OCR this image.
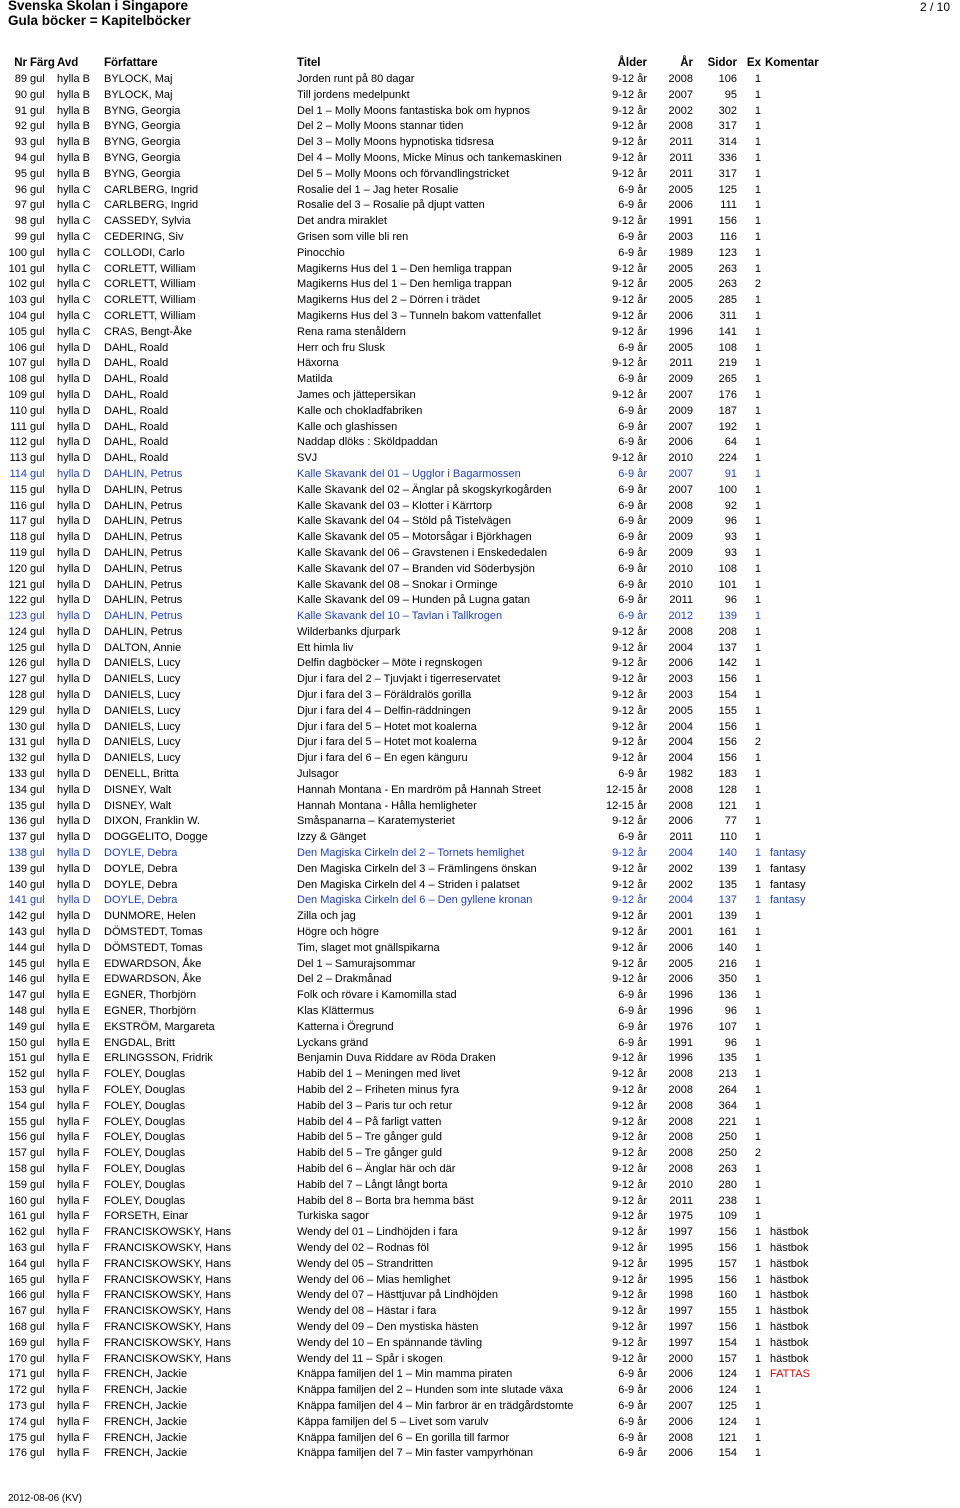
Svenska Skolan i Singapore
Gula böcker = Kapitelböcker
2 / 10
Nr	Färg	Avd	Författare	Titel	Ålder	År	Sidor	Ex	Komentar
89	gul	hylla B	BYLOCK, Maj	Jorden runt på 80 dagar	9-12 år	2008	106	1	
90	gul	hylla B	BYLOCK, Maj	Till jordens medelpunkt	9-12 år	2007	95	1	
91	gul	hylla B	BYNG, Georgia	Del 1 – Molly Moons fantastiska bok om hypnos	9-12 år	2002	302	1	
92	gul	hylla B	BYNG, Georgia	Del 2 – Molly Moons stannar tiden	9-12 år	2008	317	1	
93	gul	hylla B	BYNG, Georgia	Del 3 – Molly Moons hypnotiska tidsresa	9-12 år	2011	314	1	
94	gul	hylla B	BYNG, Georgia	Del 4 – Molly Moons, Micke Minus och tankemaskinen	9-12 år	2011	336	1	
95	gul	hylla B	BYNG, Georgia	Del 5 – Molly Moons och förvandlingstricket	9-12 år	2011	317	1	
96	gul	hylla C	CARLBERG, Ingrid	Rosalie del 1 – Jag heter Rosalie	6-9 år	2005	125	1	
97	gul	hylla C	CARLBERG, Ingrid	Rosalie del 3 – Rosalie på djupt vatten	6-9 år	2006	111	1	
98	gul	hylla C	CASSEDY, Sylvia	Det andra miraklet	9-12 år	1991	156	1	
99	gul	hylla C	CEDERING, Siv	Grisen som ville bli ren	6-9 år	2003	116	1	
100	gul	hylla C	COLLODI, Carlo	Pinocchio	6-9 år	1989	123	1	
101	gul	hylla C	CORLETT, William	Magikerns Hus del 1 – Den hemliga trappan	9-12 år	2005	263	1	
102	gul	hylla C	CORLETT, William	Magikerns Hus del 1 – Den hemliga trappan	9-12 år	2005	263	2	
103	gul	hylla C	CORLETT, William	Magikerns Hus del 2 – Dörren i trädet	9-12 år	2005	285	1	
104	gul	hylla C	CORLETT, William	Magikerns Hus del 3 – Tunneln bakom vattenfallet	9-12 år	2006	311	1	
105	gul	hylla C	CRAS, Bengt-Åke	Rena rama stenåldern	9-12 år	1996	141	1	
106	gul	hylla D	DAHL, Roald	Herr och fru Slusk	6-9 år	2005	108	1	
107	gul	hylla D	DAHL, Roald	Häxorna	9-12 år	2011	219	1	
108	gul	hylla D	DAHL, Roald	Matilda	6-9 år	2009	265	1	
109	gul	hylla D	DAHL, Roald	James och jättepersikan	9-12 år	2007	176	1	
110	gul	hylla D	DAHL, Roald	Kalle och chokladfabriken	6-9 år	2009	187	1	
111	gul	hylla D	DAHL, Roald	Kalle och glashissen	6-9 år	2007	192	1	
112	gul	hylla D	DAHL, Roald	Naddap dlöks : Sköldpaddan	6-9 år	2006	64	1	
113	gul	hylla D	DAHL, Roald	SVJ	9-12 år	2010	224	1	
114	gul	hylla D	DAHLIN, Petrus	Kalle Skavank del 01 – Ugglor i Bagarmossen	6-9 år	2007	91	1	
115	gul	hylla D	DAHLIN, Petrus	Kalle Skavank del 02 – Änglar på skogskyrkogården	6-9 år	2007	100	1	
116	gul	hylla D	DAHLIN, Petrus	Kalle Skavank del 03 – Klotter i Kärrtorp	6-9 år	2008	92	1	
117	gul	hylla D	DAHLIN, Petrus	Kalle Skavank del 04 – Stöld på Tistelvägen	6-9 år	2009	96	1	
118	gul	hylla D	DAHLIN, Petrus	Kalle Skavank del 05 – Motorsågar i Björkhagen	6-9 år	2009	93	1	
119	gul	hylla D	DAHLIN, Petrus	Kalle Skavank del 06 – Gravstenen i Enskededalen	6-9 år	2009	93	1	
120	gul	hylla D	DAHLIN, Petrus	Kalle Skavank del 07 – Branden vid Söderbysjön	6-9 år	2010	108	1	
121	gul	hylla D	DAHLIN, Petrus	Kalle Skavank del 08 – Snokar i Orminge	6-9 år	2010	101	1	
122	gul	hylla D	DAHLIN, Petrus	Kalle Skavank del 09 – Hunden på Lugna gatan	6-9 år	2011	96	1	
123	gul	hylla D	DAHLIN, Petrus	Kalle Skavank del 10 – Tavlan i Tallkrogen	6-9 år	2012	139	1	
124	gul	hylla D	DAHLIN, Petrus	Wilderbanks djurpark	9-12 år	2008	208	1	
125	gul	hylla D	DALTON, Annie	Ett himla liv	9-12 år	2004	137	1	
126	gul	hylla D	DANIELS, Lucy	Delfin dagböcker – Möte i regnskogen	9-12 år	2006	142	1	
127	gul	hylla D	DANIELS, Lucy	Djur i fara del 2 – Tjuvjakt i tigerreservatet	9-12 år	2003	156	1	
128	gul	hylla D	DANIELS, Lucy	Djur i fara del 3 – Föräldralös gorilla	9-12 år	2003	154	1	
129	gul	hylla D	DANIELS, Lucy	Djur i fara del 4 – Delfin-räddningen	9-12 år	2005	155	1	
130	gul	hylla D	DANIELS, Lucy	Djur i fara del 5 – Hotet mot koalerna	9-12 år	2004	156	1	
131	gul	hylla D	DANIELS, Lucy	Djur i fara del 5 – Hotet mot koalerna	9-12 år	2004	156	2	
132	gul	hylla D	DANIELS, Lucy	Djur i fara del 6 – En egen känguru	9-12 år	2004	156	1	
133	gul	hylla D	DENELL, Britta	Julsagor	6-9 år	1982	183	1	
134	gul	hylla D	DISNEY, Walt	Hannah Montana - En mardröm på Hannah Street	12-15 år	2008	128	1	
135	gul	hylla D	DISNEY, Walt	Hannah Montana - Hålla hemligheter	12-15 år	2008	121	1	
136	gul	hylla D	DIXON, Franklin W.	Småspanarna – Karatemysteriet	9-12 år	2006	77	1	
137	gul	hylla D	DOGGELITO, Dogge	Izzy & Gänget	6-9 år	2011	110	1	
138	gul	hylla D	DOYLE, Debra	Den Magiska Cirkeln del 2 – Tornets hemlighet	9-12 år	2004	140	1	fantasy
139	gul	hylla D	DOYLE, Debra	Den Magiska Cirkeln del 3 – Främlingens önskan	9-12 år	2002	139	1	fantasy
140	gul	hylla D	DOYLE, Debra	Den Magiska Cirkeln del 4 – Striden i palatset	9-12 år	2002	135	1	fantasy
141	gul	hylla D	DOYLE, Debra	Den Magiska Cirkeln del 6 – Den gyllene kronan	9-12 år	2004	137	1	fantasy
142	gul	hylla D	DUNMORE, Helen	Zilla och jag	9-12 år	2001	139	1	
143	gul	hylla D	DÖMSTEDT, Tomas	Högre och högre	9-12 år	2001	161	1	
144	gul	hylla D	DÖMSTEDT, Tomas	Tim, slaget mot gnällspikarna	9-12 år	2006	140	1	
145	gul	hylla E	EDWARDSON, Åke	Del 1 – Samurajsommar	9-12 år	2005	216	1	
146	gul	hylla E	EDWARDSON, Åke	Del 2 – Drakmånad	9-12 år	2006	350	1	
147	gul	hylla E	EGNER, Thorbjörn	Folk och rövare i Kamomilla stad	6-9 år	1996	136	1	
148	gul	hylla E	EGNER, Thorbjörn	Klas Klättermus	6-9 år	1996	96	1	
149	gul	hylla E	EKSTRÖM, Margareta	Katterna i Öregrund	6-9 år	1976	107	1	
150	gul	hylla E	ENGDAL, Britt	Lyckans gränd	6-9 år	1991	96	1	
151	gul	hylla E	ERLINGSSON, Fridrik	Benjamin Duva Riddare av Röda Draken	9-12 år	1996	135	1	
152	gul	hylla F	FOLEY, Douglas	Habib del 1 – Meningen med livet	9-12 år	2008	213	1	
153	gul	hylla F	FOLEY, Douglas	Habib del 2 – Friheten minus fyra	9-12 år	2008	264	1	
154	gul	hylla F	FOLEY, Douglas	Habib del 3 – Paris tur och retur	9-12 år	2008	364	1	
155	gul	hylla F	FOLEY, Douglas	Habib del 4 – På farligt vatten	9-12 år	2008	221	1	
156	gul	hylla F	FOLEY, Douglas	Habib del 5 – Tre gånger guld	9-12 år	2008	250	1	
157	gul	hylla F	FOLEY, Douglas	Habib del 5 – Tre gånger guld	9-12 år	2008	250	2	
158	gul	hylla F	FOLEY, Douglas	Habib del 6 – Änglar här och där	9-12 år	2008	263	1	
159	gul	hylla F	FOLEY, Douglas	Habib del 7 – Långt långt borta	9-12 år	2010	280	1	
160	gul	hylla F	FOLEY, Douglas	Habib del 8 – Borta bra hemma bäst	9-12 år	2011	238	1	
161	gul	hylla F	FORSETH, Einar	Turkiska sagor	9-12 år	1975	109	1	
162	gul	hylla F	FRANCISKOWSKY, Hans	Wendy del 01 – Lindhöjden i fara	9-12 år	1997	156	1	hästbok
163	gul	hylla F	FRANCISKOWSKY, Hans	Wendy del 02 – Rodnas föl	9-12 år	1995	156	1	hästbok
164	gul	hylla F	FRANCISKOWSKY, Hans	Wendy del 05 – Strandritten	9-12 år	1995	157	1	hästbok
165	gul	hylla F	FRANCISKOWSKY, Hans	Wendy del 06 – Mias hemlighet	9-12 år	1995	156	1	hästbok
166	gul	hylla F	FRANCISKOWSKY, Hans	Wendy del 07 – Hästtjuvar på Lindhöjden	9-12 år	1998	160	1	hästbok
167	gul	hylla F	FRANCISKOWSKY, Hans	Wendy del 08 – Hästar i fara	9-12 år	1997	155	1	hästbok
168	gul	hylla F	FRANCISKOWSKY, Hans	Wendy del 09 – Den mystiska hästen	9-12 år	1997	156	1	hästbok
169	gul	hylla F	FRANCISKOWSKY, Hans	Wendy del 10 – En spännande tävling	9-12 år	1997	154	1	hästbok
170	gul	hylla F	FRANCISKOWSKY, Hans	Wendy del 11 – Spår i skogen	9-12 år	2000	157	1	hästbok
171	gul	hylla F	FRENCH, Jackie	Knäppa familjen del 1 – Min mamma piraten	6-9 år	2006	124	1	FATTAS
172	gul	hylla F	FRENCH, Jackie	Knäppa familjen del 2 – Hunden som inte slutade växa	6-9 år	2006	124	1	
173	gul	hylla F	FRENCH, Jackie	Knäppa familjen del 4 – Min farbror är en trädgårdstomte	6-9 år	2007	125	1	
174	gul	hylla F	FRENCH, Jackie	Käppa familjen del 5 – Livet som varulv	6-9 år	2006	124	1	
175	gul	hylla F	FRENCH, Jackie	Knäppa familjen del 6 – En gorilla till farmor	6-9 år	2008	121	1	
176	gul	hylla F	FRENCH, Jackie	Knäppa familjen del 7 – Min faster vampyrhönan	6-9 år	2006	154	1	
2012-08-06 (KV)
